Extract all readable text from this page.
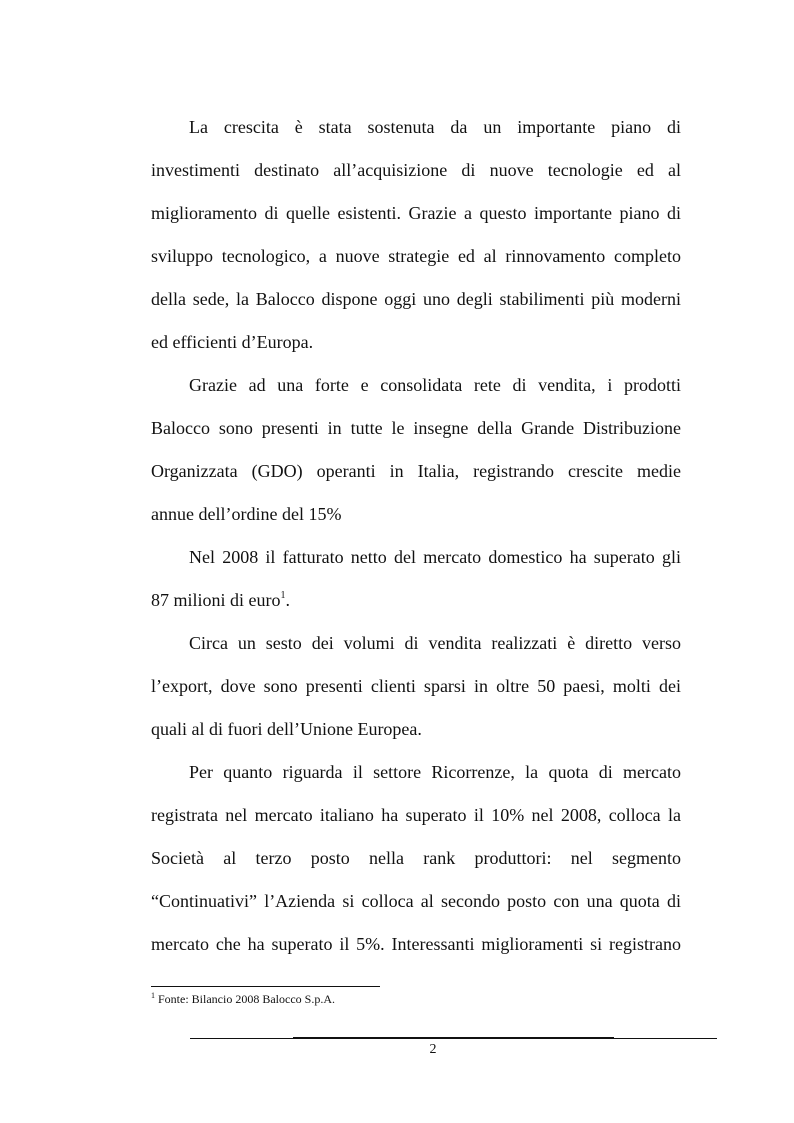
La crescita è stata sostenuta da un importante piano di
investimenti destinato all’acquisizione di nuove tecnologie ed al
miglioramento di quelle esistenti. Grazie a questo importante piano di
sviluppo tecnologico, a nuove strategie ed al rinnovamento completo
della sede, la Balocco dispone oggi uno degli stabilimenti più moderni
ed efficienti d’Europa.
Grazie ad una forte e consolidata rete di vendita, i prodotti
Balocco sono presenti in tutte le insegne della Grande Distribuzione
Organizzata (GDO) operanti in Italia, registrando crescite medie
annue dell’ordine del 15%
Nel 2008 il fatturato netto del mercato domestico ha superato gli
87 milioni di euro$^1$.
Circa un sesto dei volumi di vendita realizzati è diretto verso
l’export, dove sono presenti clienti sparsi in oltre 50 paesi, molti dei
quali al di fuori dell’Unione Europea.
Per quanto riguarda il settore Ricorrenze, la quota di mercato
registrata nel mercato italiano ha superato il 10% nel 2008, colloca la
Società al terzo posto nella rank produttori: nel segmento
“Continuativi” l’Azienda si colloca al secondo posto con una quota di
mercato che ha superato il 5%. Interessanti miglioramenti si registrano
$^1$ Fonte: Bilancio 2008 Balocco S.p.A.
2
